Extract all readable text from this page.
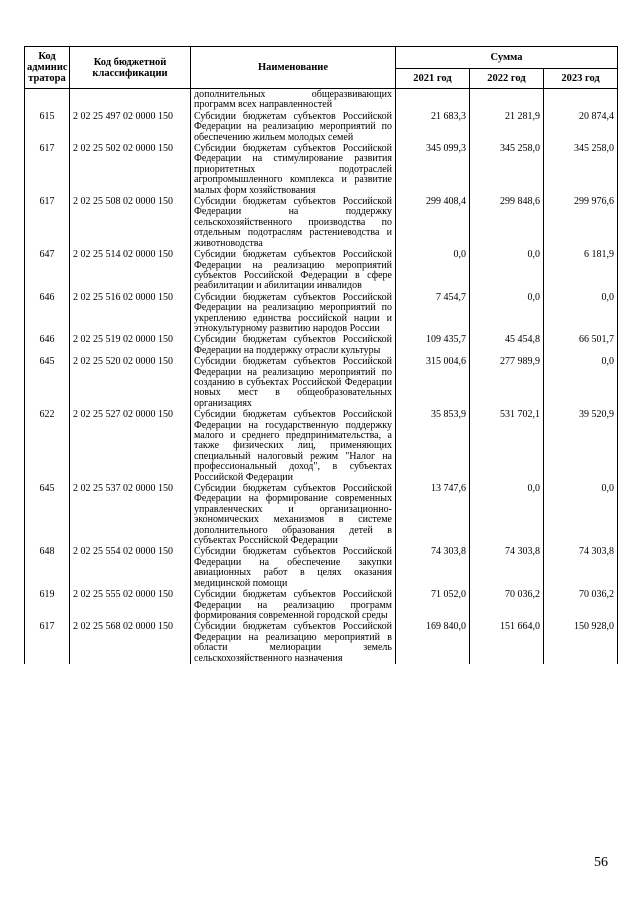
Код админис тратора	Код бюджетной классификации	Наименование	Сумма		
			2021 год	2022 год	2023 год
		дополнительных общеразвивающих программ всех направленностей			
615	2 02 25 497 02 0000 150	Субсидии бюджетам субъектов Российской Федерации на реализацию мероприятий по обеспечению жильем молодых семей	21 683,3	21 281,9	20 874,4
617	2 02 25 502 02 0000 150	Субсидии бюджетам субъектов Российской Федерации на стимулирование развития приоритетных подотраслей агропромышленного комплекса и развитие малых форм хозяйствования	345 099,3	345 258,0	345 258,0
617	2 02 25 508 02 0000 150	Субсидии бюджетам субъектов Российской Федерации на поддержку сельскохозяйственного производства по отдельным подотраслям растениеводства и животноводства	299 408,4	299 848,6	299 976,6
647	2 02 25 514 02 0000 150	Субсидии бюджетам субъектов Российской Федерации на реализацию мероприятий субъектов Российской Федерации в сфере реабилитации и абилитации инвалидов	0,0	0,0	6 181,9
646	2 02 25 516 02 0000 150	Субсидии бюджетам субъектов Российской Федерации на реализацию мероприятий по укреплению единства российской нации и этнокультурному развитию народов России	7 454,7	0,0	0,0
646	2 02 25 519 02 0000 150	Субсидии бюджетам субъектов Российской Федерации на поддержку отрасли культуры	109 435,7	45 454,8	66 501,7
645	2 02 25 520 02 0000 150	Субсидии бюджетам субъектов Российской Федерации на реализацию мероприятий по созданию в субъектах Российской Федерации новых мест в общеобразовательных организациях	315 004,6	277 989,9	0,0
622	2 02 25 527 02 0000 150	Субсидии бюджетам субъектов Российской Федерации на государственную поддержку малого и среднего предпринимательства, а также физических лиц, применяющих специальный налоговый режим "Налог на профессиональный доход", в субъектах Российской Федерации	35 853,9	531 702,1	39 520,9
645	2 02 25 537 02 0000 150	Субсидии бюджетам субъектов Российской Федерации на формирование современных управленческих и организационно-экономических механизмов в системе дополнительного образования детей в субъектах Российской Федерации	13 747,6	0,0	0,0
648	2 02 25 554 02 0000 150	Субсидии бюджетам субъектов Российской Федерации на обеспечение закупки авиационных работ в целях оказания медицинской помощи	74 303,8	74 303,8	74 303,8
619	2 02 25 555 02 0000 150	Субсидии бюджетам субъектов Российской Федерации на реализацию программ формирования современной городской среды	71 052,0	70 036,2	70 036,2
617	2 02 25 568 02 0000 150	Субсидии бюджетам субъектов Российской Федерации на реализацию мероприятий в области мелиорации земель сельскохозяйственного назначения	169 840,0	151 664,0	150 928,0
56
